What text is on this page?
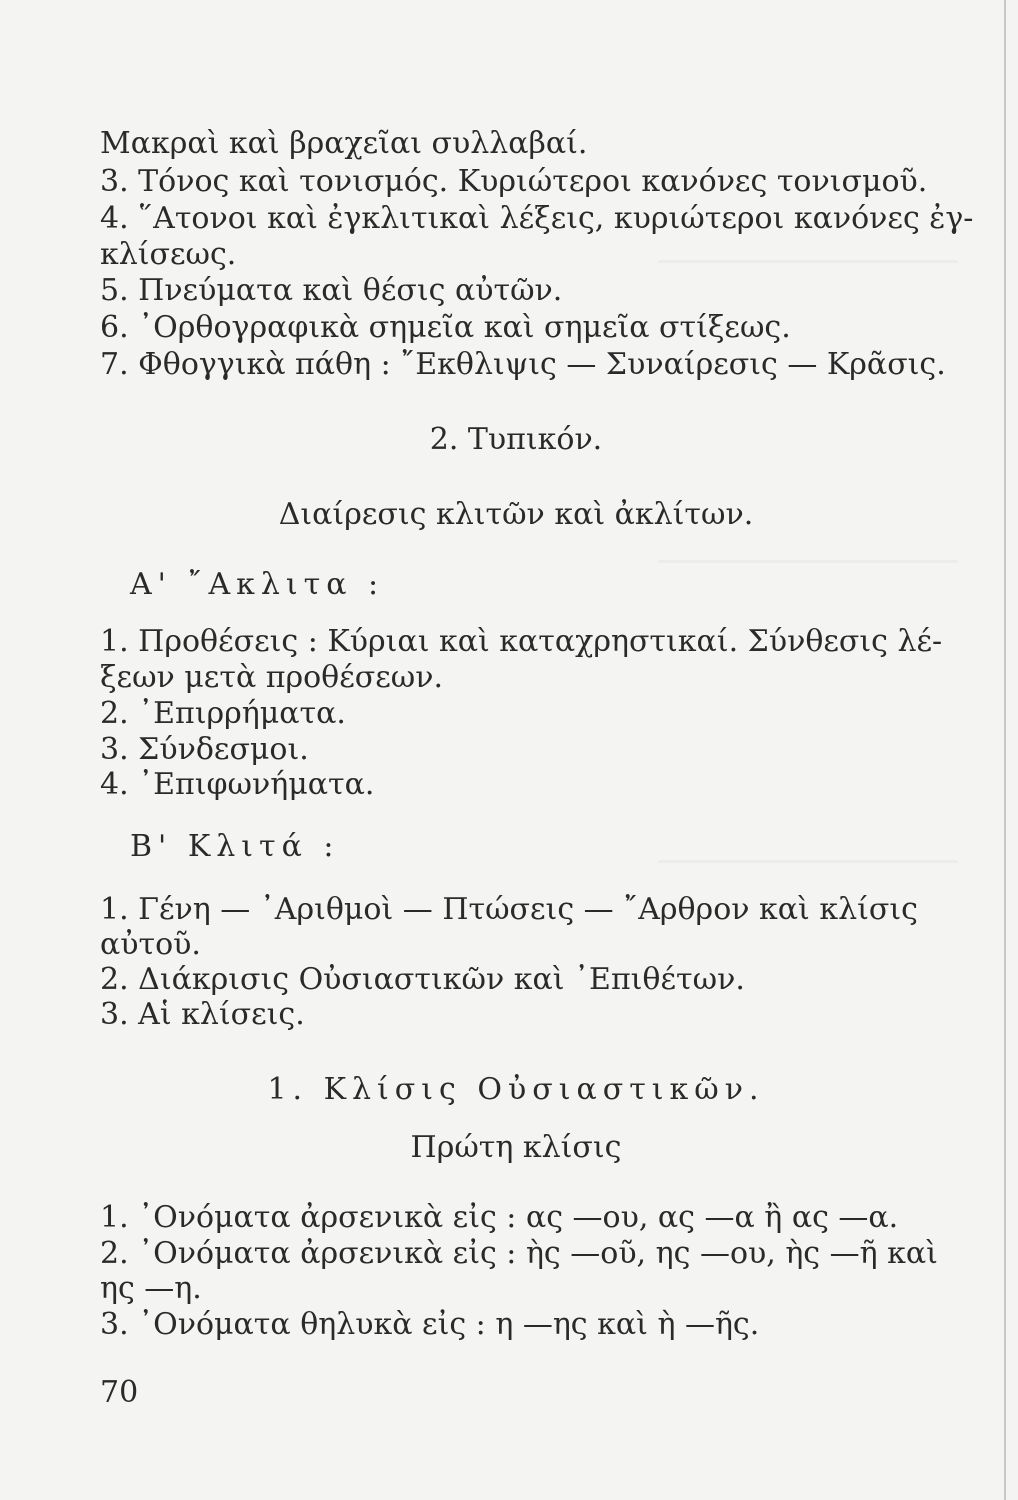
Μακραὶ καὶ βραχεῖαι συλλαβαί.
3. Τόνος καὶ τονισμός. Κυριώτεροι κανόνες τονισμοῦ.
4. ῞Ατονοι καὶ ἐγκλιτικαὶ λέξεις, κυριώτεροι κανόνες ἐγ-
κλίσεως.
5. Πνεύματα καὶ θέσις αὐτῶν.
6. ᾿Ορθογραφικὰ σημεῖα καὶ σημεῖα στίξεως.
7. Φθογγικὰ πάθη : ῎Εκθλιψις — Συναίρεσις — Κρᾶσις.
2. Τυπικόν.
Διαίρεσις κλιτῶν καὶ ἀκλίτων.
Α' ῎Ακλιτα :
1. Προθέσεις : Κύριαι καὶ καταχρηστικαί. Σύνθεσις λέ-
ξεων μετὰ προθέσεων.
2. ᾿Επιρρήματα.
3. Σύνδεσμοι.
4. ᾿Επιφωνήματα.
Β' Κλιτά :
1. Γένη — ᾿Αριθμοὶ — Πτώσεις — ῎Αρθρον καὶ κλίσις
αὐτοῦ.
2. Διάκρισις Οὐσιαστικῶν καὶ ᾿Επιθέτων.
3. Αἱ κλίσεις.
1. Κλίσις Οὐσιαστικῶν.
Πρώτη κλίσις
1. ᾿Ονόματα ἀρσενικὰ εἰς : ας —ου, ας —α ἢ ας —α.
2. ᾿Ονόματα ἀρσενικὰ εἰς : ὴς —οῦ, ης —ου, ὴς —ῆ καὶ
ης —η.
3. ᾿Ονόματα θηλυκὰ εἰς : η —ης καὶ ὴ —ῆς.
70
